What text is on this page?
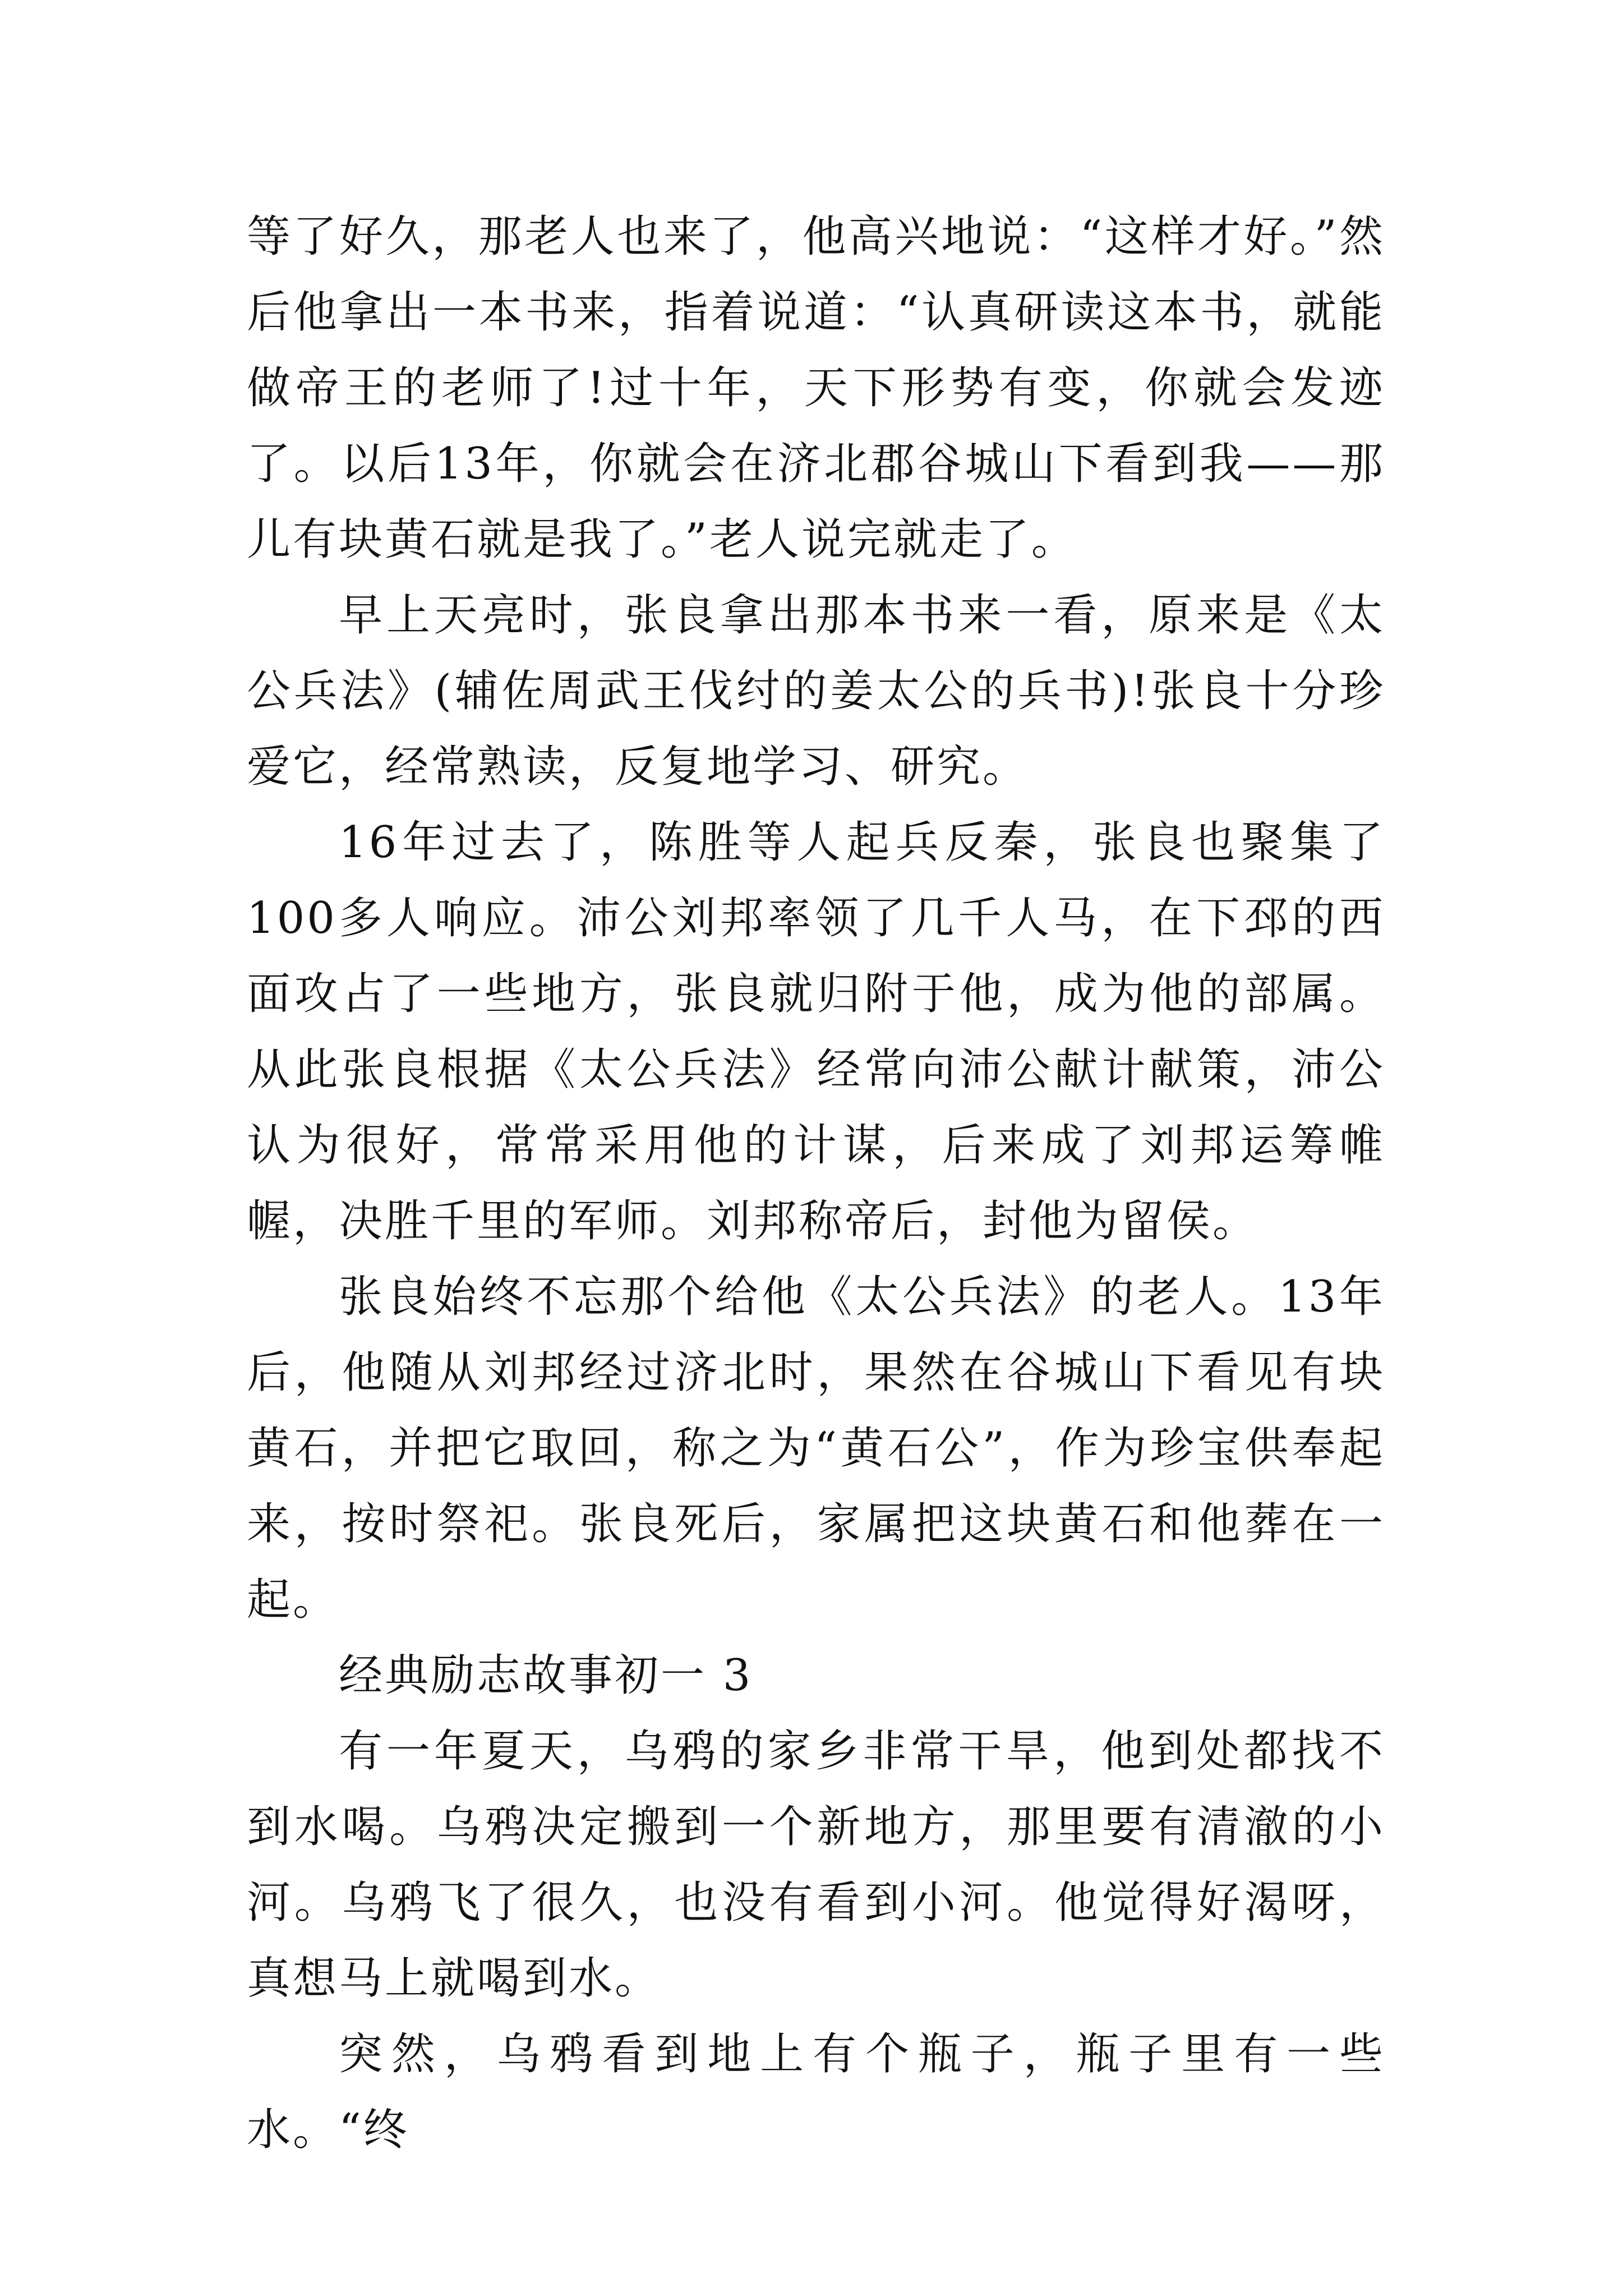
等了好久，那老人也来了，他高兴地说：“这样才好。”然后他拿出一本书来，指着说道：“认真研读这本书，就能做帝王的老师了!过十年，天下形势有变，你就会发迹了。以后13年，你就会在济北郡谷城山下看到我——那儿有块黄石就是我了。”老人说完就走了。

早上天亮时，张良拿出那本书来一看，原来是《太公兵法》(辅佐周武王伐纣的姜太公的兵书)!张良十分珍爱它，经常熟读，反复地学习、研究。

16年过去了，陈胜等人起兵反秦，张良也聚集了100多人响应。沛公刘邦率领了几千人马，在下邳的西面攻占了一些地方，张良就归附于他，成为他的部属。从此张良根据《太公兵法》经常向沛公献计献策，沛公认为很好，常常采用他的计谋，后来成了刘邦运筹帷幄，决胜千里的军师。刘邦称帝后，封他为留侯。

张良始终不忘那个给他《太公兵法》的老人。13年后，他随从刘邦经过济北时，果然在谷城山下看见有块黄石，并把它取回，称之为“黄石公”，作为珍宝供奉起来，按时祭祀。张良死后，家属把这块黄石和他葬在一起。

经典励志故事初一 3

有一年夏天，乌鸦的家乡非常干旱，他到处都找不到水喝。乌鸦决定搬到一个新地方，那里要有清澈的小河。乌鸦飞了很久，也没有看到小河。他觉得好渴呀，真想马上就喝到水。

突然，乌鸦看到地上有个瓶子，瓶子里有一些水。“终
